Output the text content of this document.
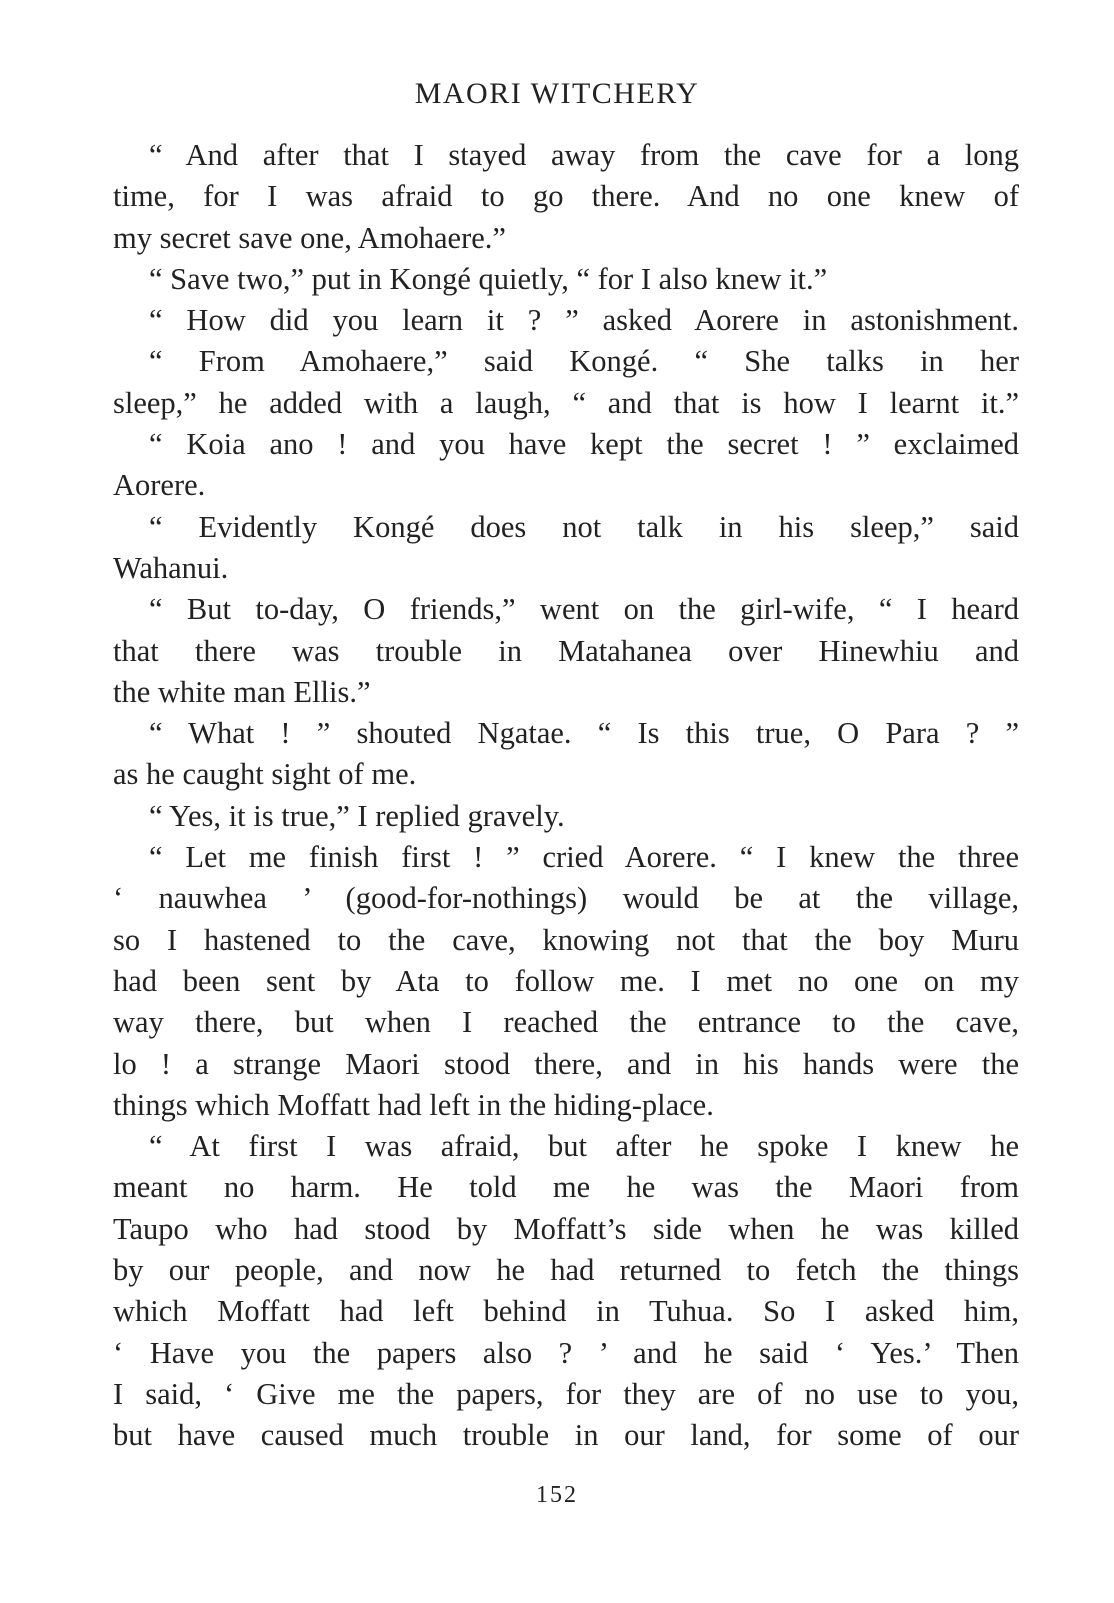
MAORI WITCHERY
“ And after that I stayed away from the cave for a long
time, for I was afraid to go there. And no one knew of
my secret save one, Amohaere.”
“ Save two,” put in Kongé quietly, “ for I also knew it.”
“ How did you learn it ? ” asked Aorere in astonishment.
“ From Amohaere,” said Kongé. “ She talks in her
sleep,” he added with a laugh, “ and that is how I learnt it.”
“ Koia ano ! and you have kept the secret ! ” exclaimed
Aorere.
“ Evidently Kongé does not talk in his sleep,” said
Wahanui.
“ But to-day, O friends,” went on the girl-wife, “ I heard
that there was trouble in Matahanea over Hinewhiu and
the white man Ellis.”
“ What ! ” shouted Ngatae. “ Is this true, O Para ? ”
as he caught sight of me.
“ Yes, it is true,” I replied gravely.
“ Let me finish first ! ” cried Aorere. “ I knew the three
‘ nauwhea ’ (good-for-nothings) would be at the village,
so I hastened to the cave, knowing not that the boy Muru
had been sent by Ata to follow me. I met no one on my
way there, but when I reached the entrance to the cave,
lo ! a strange Maori stood there, and in his hands were the
things which Moffatt had left in the hiding-place.
“ At first I was afraid, but after he spoke I knew he
meant no harm. He told me he was the Maori from
Taupo who had stood by Moffatt’s side when he was killed
by our people, and now he had returned to fetch the things
which Moffatt had left behind in Tuhua. So I asked him,
‘ Have you the papers also ? ’ and he said ‘ Yes.’ Then
I said, ‘ Give me the papers, for they are of no use to you,
but have caused much trouble in our land, for some of our
152
